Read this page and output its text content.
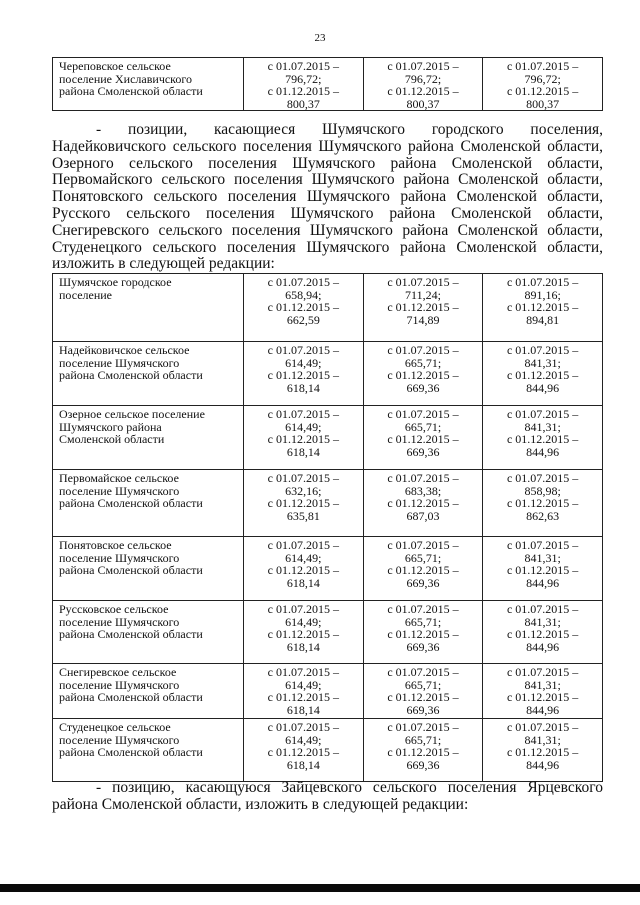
23
Череповское сельское
поселение Хиславичского
района Смоленской области

с 01.07.2015 –
796,72;
с 01.12.2015 –
800,37

с 01.07.2015 –
796,72;
с 01.12.2015 –
800,37

с 01.07.2015 –
796,72;
с 01.12.2015 –
800,37
- позиции, касающиеся Шумячского городского поселения, Надейковичского сельского поселения Шумячского района Смоленской области, Озерного сельского поселения Шумячского района Смоленской области, Первомайского сельского поселения Шумячского района Смоленской области, Понятовского сельского поселения Шумячского района Смоленской области, Русского сельского поселения Шумячского района Смоленской области, Снегиревского сельского поселения Шумячского района Смоленской области, Студенецкого сельского поселения Шумячского района Смоленской области, изложить в следующей редакции:
Шумячское городское
поселение	с 01.07.2015 –
658,94;
с 01.12.2015 –
662,59	с 01.07.2015 –
711,24;
с 01.12.2015 –
714,89	с 01.07.2015 –
891,16;
с 01.12.2015 –
894,81

Надейковичское сельское
поселение Шумячского
района Смоленской области	с 01.07.2015 –
614,49;
с 01.12.2015 –
618,14	с 01.07.2015 –
665,71;
с 01.12.2015 –
669,36	с 01.07.2015 –
841,31;
с 01.12.2015 –
844,96

Озерное сельское поселение
Шумячского района
Смоленской области	с 01.07.2015 –
614,49;
с 01.12.2015 –
618,14	с 01.07.2015 –
665,71;
с 01.12.2015 –
669,36	с 01.07.2015 –
841,31;
с 01.12.2015 –
844,96

Первомайское сельское
поселение Шумячского
района Смоленской области	с 01.07.2015 –
632,16;
с 01.12.2015 –
635,81	с 01.07.2015 –
683,38;
с 01.12.2015 –
687,03	с 01.07.2015 –
858,98;
с 01.12.2015 –
862,63

Понятовское сельское
поселение Шумячского
района Смоленской области	с 01.07.2015 –
614,49;
с 01.12.2015 –
618,14	с 01.07.2015 –
665,71;
с 01.12.2015 –
669,36	с 01.07.2015 –
841,31;
с 01.12.2015 –
844,96

Руссковское сельское
поселение Шумячского
района Смоленской области	с 01.07.2015 –
614,49;
с 01.12.2015 –
618,14	с 01.07.2015 –
665,71;
с 01.12.2015 –
669,36	с 01.07.2015 –
841,31;
с 01.12.2015 –
844,96

Снегиревское сельское
поселение Шумячского
района Смоленской области	с 01.07.2015 –
614,49;
с 01.12.2015 –
618,14	с 01.07.2015 –
665,71;
с 01.12.2015 –
669,36	с 01.07.2015 –
841,31;
с 01.12.2015 –
844,96

Студенецкое сельское
поселение Шумячского
района Смоленской области	с 01.07.2015 –
614,49;
с 01.12.2015 –
618,14	с 01.07.2015 –
665,71;
с 01.12.2015 –
669,36	с 01.07.2015 –
841,31;
с 01.12.2015 –
844,96
- позицию, касающуюся Зайцевского сельского поселения Ярцевского района Смоленской области, изложить в следующей редакции:
